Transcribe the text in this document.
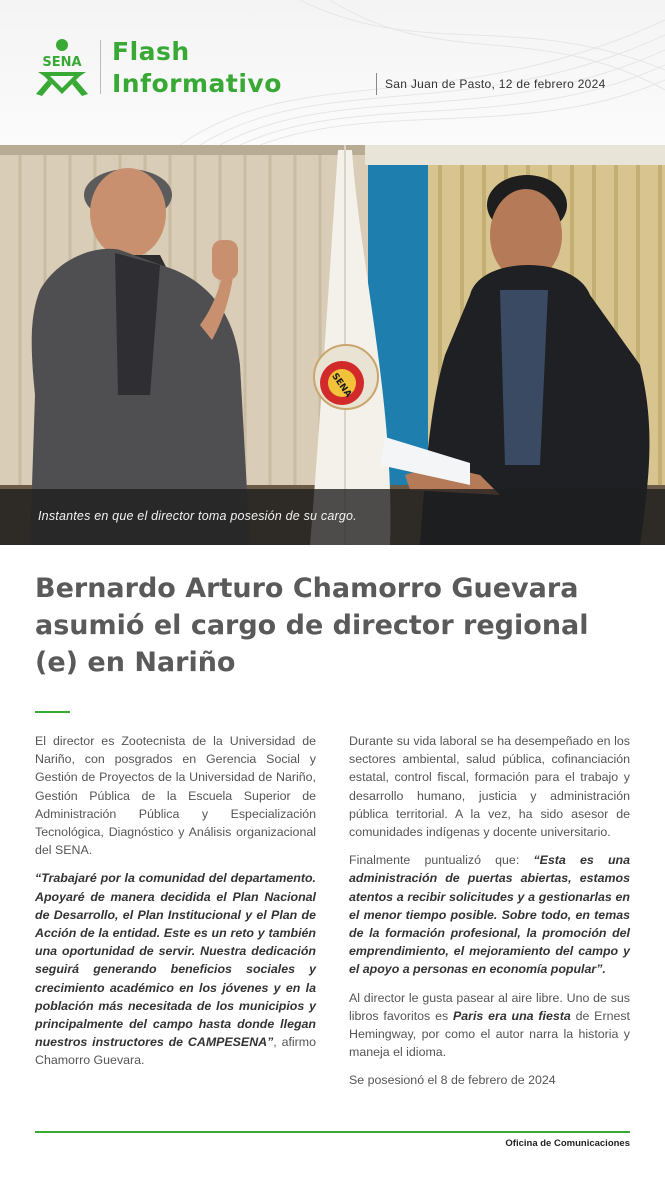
SENA Flash
Informativo	San Juan de Pasto, 12 de febrero 2024
SENA
Instantes en que el director toma posesión de su cargo.
Bernardo Arturo Chamorro Guevara asumió el cargo de director regional (e) en Nariño

El director es Zootecnista de la Universidad de Nariño, con posgrados en Gerencia Social y Gestión de Proyectos de la Universidad de Nariño, Gestión Pública de la Escuela Superior de Administración Pública y Especialización Tecnológica, Diagnóstico y Análisis organizacional del SENA.

“Trabajaré por la comunidad del departamento. Apoyaré de manera decidida el Plan Nacional de Desarrollo, el Plan Institucional y el Plan de Acción de la entidad. Este es un reto y también una oportunidad de servir. Nuestra dedicación seguirá generando beneficios sociales y crecimiento académico en los jóvenes y en la población más necesitada de los municipios y principalmente del campo hasta donde llegan nuestros instructores de CAMPESENA”, afirmo Chamorro Guevara.

Durante su vida laboral se ha desempeñado en los sectores ambiental, salud pública, cofinanciación estatal, control fiscal, formación para el trabajo y desarrollo humano, justicia y administración pública territorial. A la vez, ha sido asesor de comunidades indígenas y docente universitario.

Finalmente puntualizó que: “Esta es una administración de puertas abiertas, estamos atentos a recibir solicitudes y a gestionarlas en el menor tiempo posible. Sobre todo, en temas de la formación profesional, la promoción del emprendimiento, el mejoramiento del campo y el apoyo a personas en economía popular”.

Al director le gusta pasear al aire libre. Uno de sus libros favoritos es Paris era una fiesta de Ernest Hemingway, por como el autor narra la historia y maneja el idioma.

Se posesionó el 8 de febrero de 2024

Oficina de Comunicaciones
